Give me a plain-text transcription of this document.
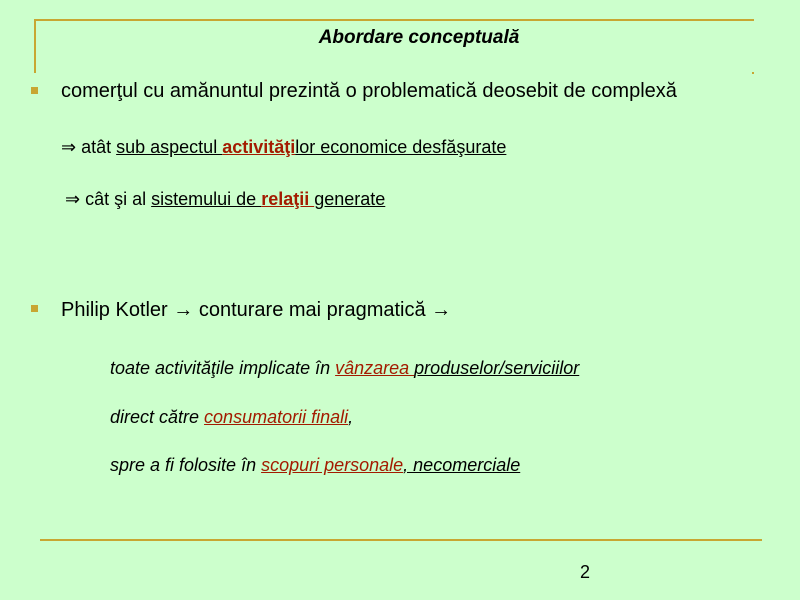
Abordare conceptuală
comerţul cu amănuntul prezintă o problematică deosebit de complexă
⇒ atât sub aspectul activităţilor economice desfăşurate
⇒ cât şi al sistemului de relaţii generate
Philip Kotler → conturare mai pragmatică →
toate activităţile implicate în vânzarea produselor/serviciilor
direct către consumatorii finali,
spre a fi folosite în scopuri personale, necomerciale
2
